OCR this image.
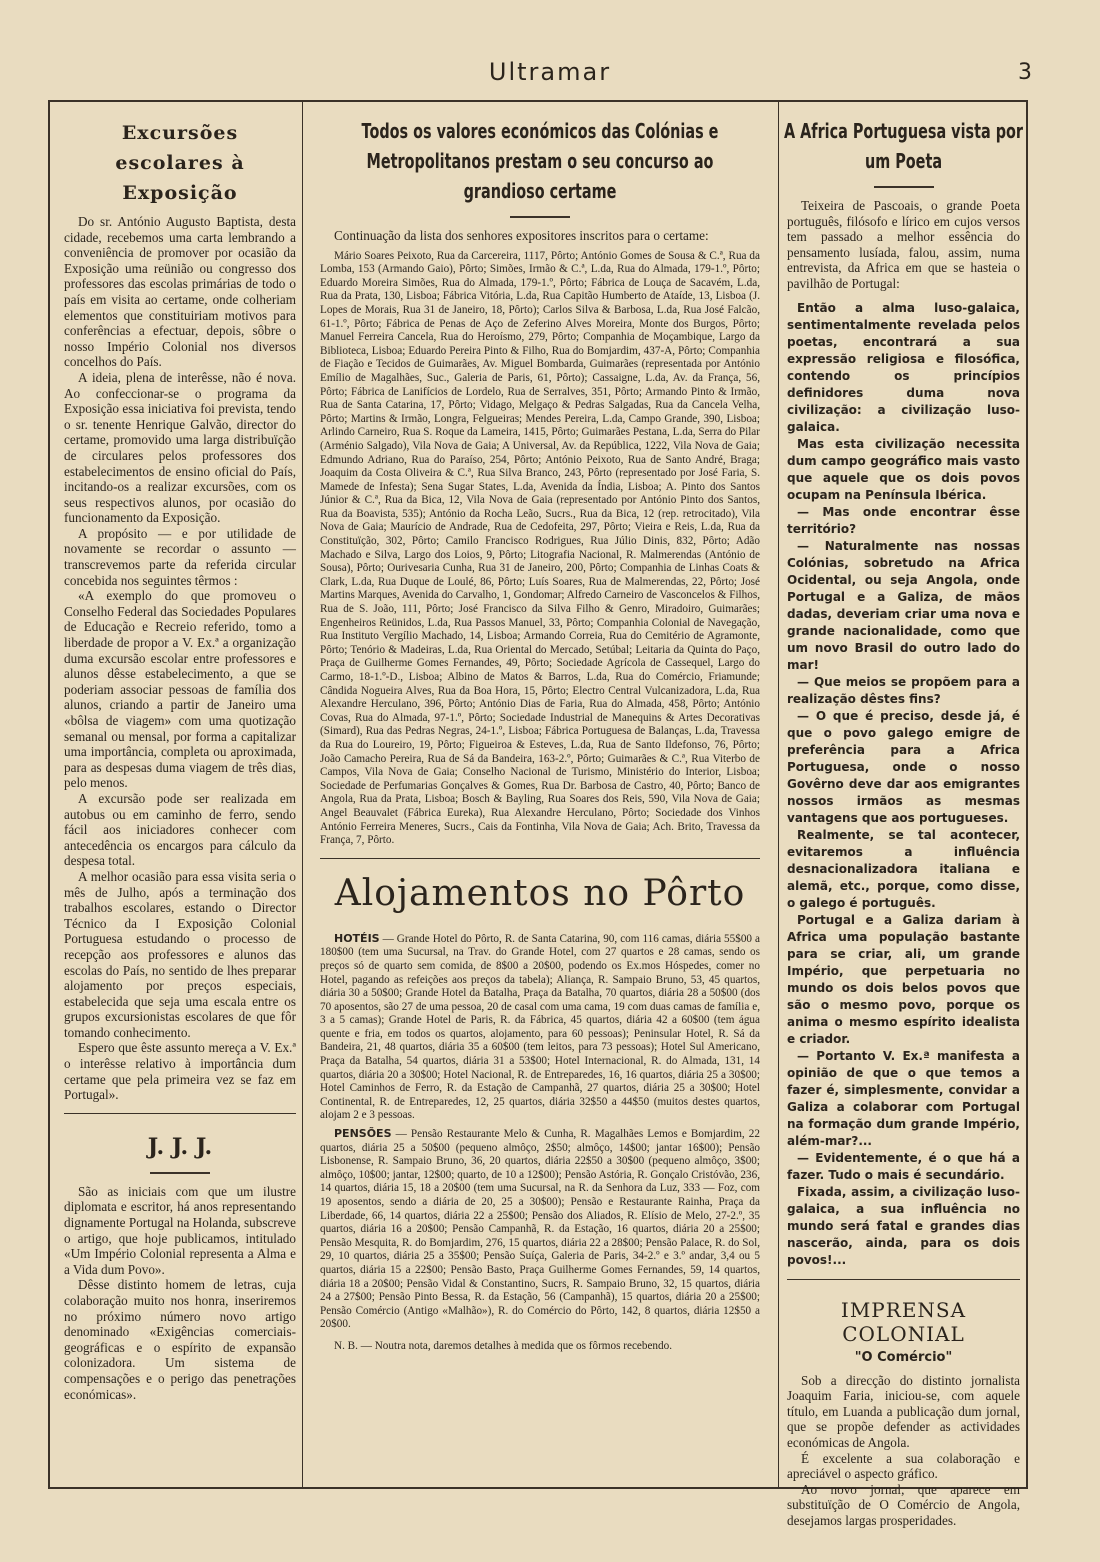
Ultramar	3
Excursões escolares à Exposição

Do sr. António Augusto Baptista, desta cidade, recebemos uma carta lembrando a conveniência de promover por ocasião da Exposição uma reünião ou congresso dos professores das escolas primárias de todo o país em visita ao certame, onde colheriam elementos que constituiriam motivos para conferências a efectuar, depois, sôbre o nosso Império Colonial nos diversos concelhos do País.

A ideia, plena de interêsse, não é nova. Ao confeccionar-se o programa da Exposição essa iniciativa foi prevista, tendo o sr. tenente Henrique Galvão, director do certame, promovido uma larga distribuïção de circulares pelos professores dos estabelecimentos de ensino oficial do País, incitando-os a realizar excursões, com os seus respectivos alunos, por ocasião do funcionamento da Exposição.

A propósito — e por utilidade de novamente se recordar o assunto — transcrevemos parte da referida circular concebida nos seguintes têrmos :

«A exemplo do que promoveu o Conselho Federal das Sociedades Populares de Educação e Recreio referido, tomo a liberdade de propor a V. Ex.ª a organização duma excursão escolar entre professores e alunos dêsse estabelecimento, a que se poderiam associar pessoas de família dos alunos, criando a partir de Janeiro uma «bôlsa de viagem» com uma quotização semanal ou mensal, por forma a capitalizar uma importância, completa ou aproximada, para as despesas duma viagem de três dias, pelo menos.

A excursão pode ser realizada em autobus ou em caminho de ferro, sendo fácil aos iniciadores conhecer com antecedência os encargos para cálculo da despesa total.

A melhor ocasião para essa visita seria o mês de Julho, após a terminação dos trabalhos escolares, estando o Director Técnico da I Exposição Colonial Portuguesa estudando o processo de recepção aos professores e alunos das escolas do País, no sentido de lhes preparar alojamento por preços especiais, estabelecida que seja uma escala entre os grupos excursionistas escolares de que fôr tomando conhecimento.

Espero que êste assunto mereça a V. Ex.ª o interêsse relativo à importância dum certame que pela primeira vez se faz em Portugal».

J. J. J.

São as iniciais com que um ilustre diplomata e escritor, há anos representando dignamente Portugal na Holanda, subscreve o artigo, que hoje publicamos, intitulado «Um Império Colonial representa a Alma e a Vida dum Povo».

Dêsse distinto homem de letras, cuja colaboração muito nos honra, inseriremos no próximo número novo artigo denominado «Exigências comerciais-geográficas e o espírito de expansão colonizadora. Um sistema de compensações e o perigo das penetrações económicas».

Todos os valores económicos das Colónias e Metropolitanos prestam o seu concurso ao grandioso certame

Continuação da lista dos senhores expositores inscritos para o certame:

Mário Soares Peixoto, Rua da Carcereira, 1117, Pôrto; António Gomes de Sousa & C.ª, Rua da Lomba, 153 (Armando Gaio), Pôrto; Simões, Irmão & C.ª, L.da, Rua do Almada, 179-1.º, Pôrto; Eduardo Moreira Simões, Rua do Almada, 179-1.º, Pôrto; Fábrica de Louça de Sacavém, L.da, Rua da Prata, 130, Lisboa; Fábrica Vitória, L.da, Rua Capitão Humberto de Ataíde, 13, Lisboa (J. Lopes de Morais, Rua 31 de Janeiro, 18, Pôrto); Carlos Silva & Barbosa, L.da, Rua José Falcão, 61-1.º, Pôrto; Fábrica de Penas de Aço de Zeferino Alves Moreira, Monte dos Burgos, Pôrto; Manuel Ferreira Cancela, Rua do Heroísmo, 279, Pôrto; Companhia de Moçambique, Largo da Biblioteca, Lisboa; Eduardo Pereira Pinto & Filho, Rua do Bomjardim, 437-A, Pôrto; Companhia de Fiação e Tecidos de Guimarães, Av. Miguel Bombarda, Guimarães (representada por António Emílio de Magalhães, Suc., Galeria de Paris, 61, Pôrto); Cassaigne, L.da, Av. da França, 56, Pôrto; Fábrica de Lanifícios de Lordelo, Rua de Serralves, 351, Pôrto; Armando Pinto & Irmão, Rua de Santa Catarina, 17, Pôrto; Vidago, Melgaço & Pedras Salgadas, Rua da Cancela Velha, Pôrto; Martins & Irmão, Longra, Felgueiras; Mendes Pereira, L.da, Campo Grande, 390, Lisboa; Arlindo Carneiro, Rua S. Roque da Lameira, 1415, Pôrto; Guimarães Pestana, L.da, Serra do Pilar (Arménio Salgado), Vila Nova de Gaia; A Universal, Av. da República, 1222, Vila Nova de Gaia; Edmundo Adriano, Rua do Paraíso, 254, Pôrto; António Peixoto, Rua de Santo André, Braga; Joaquim da Costa Oliveira & C.ª, Rua Silva Branco, 243, Pôrto (representado por José Faria, S. Mamede de Infesta); Sena Sugar States, L.da, Avenida da Índia, Lisboa; A. Pinto dos Santos Júnior & C.ª, Rua da Bica, 12, Vila Nova de Gaia (representado por António Pinto dos Santos, Rua da Boavista, 535); António da Rocha Leão, Sucrs., Rua da Bica, 12 (rep. retrocitado), Vila Nova de Gaia; Maurício de Andrade, Rua de Cedofeita, 297, Pôrto; Vieira e Reis, L.da, Rua da Constituïção, 302, Pôrto; Camilo Francisco Rodrigues, Rua Júlio Dinis, 832, Pôrto; Adão Machado e Silva, Largo dos Loios, 9, Pôrto; Litografia Nacional, R. Malmerendas (António de Sousa), Pôrto; Ourivesaria Cunha, Rua 31 de Janeiro, 200, Pôrto; Companhia de Linhas Coats & Clark, L.da, Rua Duque de Loulé, 86, Pôrto; Luís Soares, Rua de Malmerendas, 22, Pôrto; José Martins Marques, Avenida do Carvalho, 1, Gondomar; Alfredo Carneiro de Vasconcelos & Filhos, Rua de S. João, 111, Pôrto; José Francisco da Silva Filho & Genro, Miradoiro, Guimarães; Engenheiros Reünidos, L.da, Rua Passos Manuel, 33, Pôrto; Companhia Colonial de Navegação, Rua Instituto Vergílio Machado, 14, Lisboa; Armando Correia, Rua do Cemitério de Agramonte, Pôrto; Tenório & Madeiras, L.da, Rua Oriental do Mercado, Setúbal; Leitaria da Quinta do Paço, Praça de Guilherme Gomes Fernandes, 49, Pôrto; Sociedade Agrícola de Cassequel, Largo do Carmo, 18-1.º-D., Lisboa; Albino de Matos & Barros, L.da, Rua do Comércio, Friamunde; Cândida Nogueira Alves, Rua da Boa Hora, 15, Pôrto; Electro Central Vulcanizadora, L.da, Rua Alexandre Herculano, 396, Pôrto; António Dias de Faria, Rua do Almada, 458, Pôrto; António Covas, Rua do Almada, 97-1.º, Pôrto; Sociedade Industrial de Manequins & Artes Decorativas (Simard), Rua das Pedras Negras, 24-1.º, Lisboa; Fábrica Portuguesa de Balanças, L.da, Travessa da Rua do Loureiro, 19, Pôrto; Figueiroa & Esteves, L.da, Rua de Santo Ildefonso, 76, Pôrto; João Camacho Pereira, Rua de Sá da Bandeira, 163-2.º, Pôrto; Guimarães & C.ª, Rua Viterbo de Campos, Vila Nova de Gaia; Conselho Nacional de Turismo, Ministério do Interior, Lisboa; Sociedade de Perfumarias Gonçalves & Gomes, Rua Dr. Barbosa de Castro, 40, Pôrto; Banco de Angola, Rua da Prata, Lisboa; Bosch & Bayling, Rua Soares dos Reis, 590, Vila Nova de Gaia; Angel Beauvalet (Fábrica Eureka), Rua Alexandre Herculano, Pôrto; Sociedade dos Vinhos António Ferreira Meneres, Sucrs., Cais da Fontinha, Vila Nova de Gaia; Ach. Brito, Travessa da França, 7, Pôrto.

Alojamentos no Pôrto

HOTÉIS — Grande Hotel do Pôrto, R. de Santa Catarina, 90, com 116 camas, diária 55$00 a 180$00 (tem uma Sucursal, na Trav. do Grande Hotel, com 27 quartos e 28 camas, sendo os preços só de quarto sem comida, de 8$00 a 20$00, podendo os Ex.mos Hóspedes, comer no Hotel, pagando as refeições aos preços da tabela); Aliança, R. Sampaio Bruno, 53, 45 quartos, diária 30 a 50$00; Grande Hotel da Batalha, Praça da Batalha, 70 quartos, diária 28 a 50$00 (dos 70 aposentos, são 27 de uma pessoa, 20 de casal com uma cama, 19 com duas camas de família e, 3 a 5 camas); Grande Hotel de Paris, R. da Fábrica, 45 quartos, diária 42 a 60$00 (tem água quente e fria, em todos os quartos, alojamento, para 60 pessoas); Peninsular Hotel, R. Sá da Bandeira, 21, 48 quartos, diária 35 a 60$00 (tem leitos, para 73 pessoas); Hotel Sul Americano, Praça da Batalha, 54 quartos, diária 31 a 53$00; Hotel Internacional, R. do Almada, 131, 14 quartos, diária 20 a 30$00; Hotel Nacional, R. de Entreparedes, 16, 16 quartos, diária 25 a 30$00; Hotel Caminhos de Ferro, R. da Estação de Campanhã, 27 quartos, diária 25 a 30$00; Hotel Continental, R. de Entreparedes, 12, 25 quartos, diária 32$50 a 44$50 (muitos destes quartos, alojam 2 e 3 pessoas.

PENSÕES — Pensão Restaurante Melo & Cunha, R. Magalhães Lemos e Bomjardim, 22 quartos, diária 25 a 50$00 (pequeno almôço, 2$50; almôço, 14$00; jantar 16$00); Pensão Lisbonense, R. Sampaio Bruno, 36, 20 quartos, diária 22$50 a 30$00 (pequeno almôço, 3$00; almôço, 10$00; jantar, 12$00; quarto, de 10 a 12$00); Pensão Astória, R. Gonçalo Cristóvão, 236, 14 quartos, diária 15, 18 a 20$00 (tem uma Sucursal, na R. da Senhora da Luz, 333 — Foz, com 19 aposentos, sendo a diária de 20, 25 a 30$00); Pensão e Restaurante Rainha, Praça da Liberdade, 66, 14 quartos, diária 22 a 25$00; Pensão dos Aliados, R. Elísio de Melo, 27-2.º, 35 quartos, diária 16 a 20$00; Pensão Campanhã, R. da Estação, 16 quartos, diária 20 a 25$00; Pensão Mesquita, R. do Bomjardim, 276, 15 quartos, diária 22 a 28$00; Pensão Palace, R. do Sol, 29, 10 quartos, diária 25 a 35$00; Pensão Suíça, Galeria de Paris, 34-2.º e 3.º andar, 3,4 ou 5 quartos, diária 15 a 22$00; Pensão Basto, Praça Guilherme Gomes Fernandes, 59, 14 quartos, diária 18 a 20$00; Pensão Vidal & Constantino, Sucrs, R. Sampaio Bruno, 32, 15 quartos, diária 24 a 27$00; Pensão Pinto Bessa, R. da Estação, 56 (Campanhã), 15 quartos, diária 20 a 25$00; Pensão Comércio (Antigo «Malhão»), R. do Comércio do Pôrto, 142, 8 quartos, diária 12$50 a 20$00.

N. B. — Noutra nota, daremos detalhes à medida que os fôrmos recebendo.

A Africa Portuguesa vista por um Poeta

Teixeira de Pascoais, o grande Poeta português, filósofo e lírico em cujos versos tem passado a melhor essência do pensamento lusíada, falou, assim, numa entrevista, da Africa em que se hasteia o pavilhão de Portugal:

Então a alma luso-galaica, sentimentalmente revelada pelos poetas, encontrará a sua expressão religiosa e filosófica, contendo os princípios definidores duma nova civilização: a civilização luso-galaica.

Mas esta civilização necessita dum campo geográfico mais vasto que aquele que os dois povos ocupam na Península Ibérica.

— Mas onde encontrar êsse território?

— Naturalmente nas nossas Colónias, sobretudo na Africa Ocidental, ou seja Angola, onde Portugal e a Galiza, de mãos dadas, deveriam criar uma nova e grande nacionalidade, como que um novo Brasil do outro lado do mar!

— Que meios se propõem para a realização dêstes fins?

— O que é preciso, desde já, é que o povo galego emigre de preferência para a Africa Portuguesa, onde o nosso Govêrno deve dar aos emigrantes nossos irmãos as mesmas vantagens que aos portugueses.

Realmente, se tal acontecer, evitaremos a influência desnacionalizadora italiana e alemã, etc., porque, como disse, o galego é português.

Portugal e a Galiza dariam à Africa uma população bastante para se criar, ali, um grande Império, que perpetuaria no mundo os dois belos povos que são o mesmo povo, porque os anima o mesmo espírito idealista e criador.

— Portanto V. Ex.ª manifesta a opinião de que o que temos a fazer é, simplesmente, convidar a Galiza a colaborar com Portugal na formação dum grande Império, além-mar?...

— Evidentemente, é o que há a fazer. Tudo o mais é secundário.

Fixada, assim, a civilização luso-galaica, a sua influência no mundo será fatal e grandes dias nascerão, ainda, para os dois povos!...

IMPRENSA COLONIAL
"O Comércio"

Sob a direcção do distinto jornalista Joaquim Faria, iniciou-se, com aquele título, em Luanda a publicação dum jornal, que se propõe defender as actividades económicas de Angola.

É excelente a sua colaboração e apreciável o aspecto gráfico.

Ao novo jornal, que aparece em substituïção de O Comércio de Angola, desejamos largas prosperidades.
